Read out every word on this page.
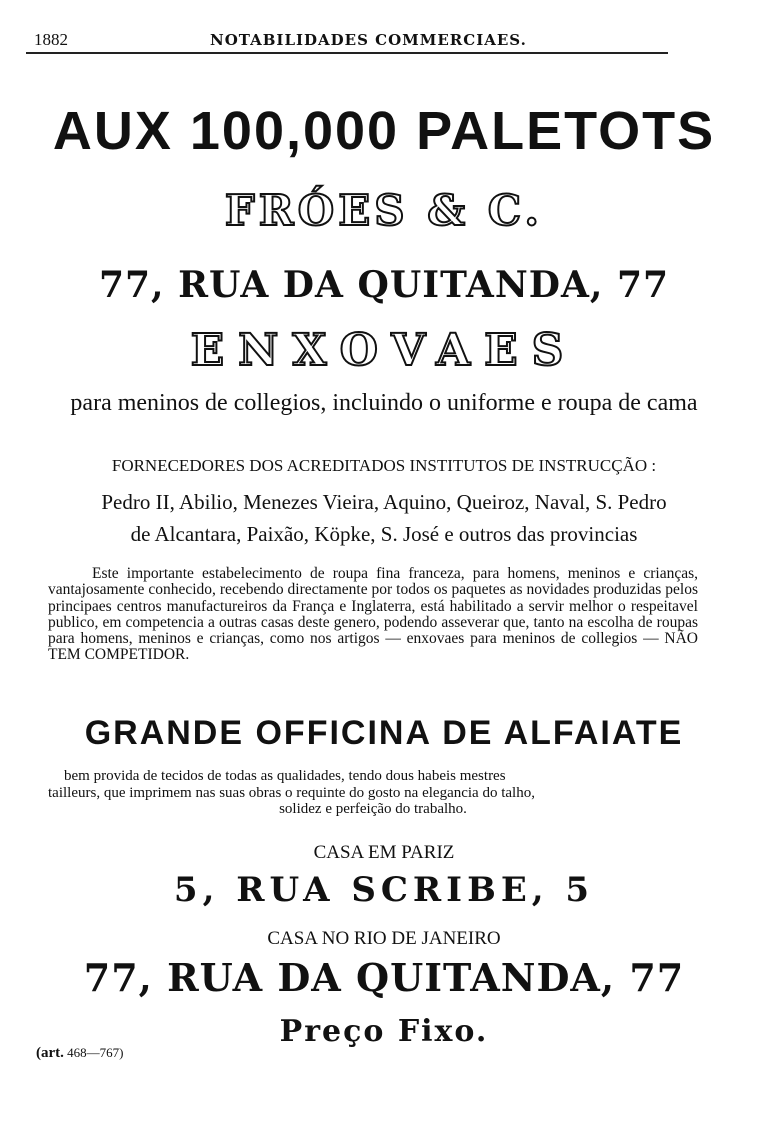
1882	NOTABILIDADES COMMERCIAES.
AUX 100,000 PALETOTS
FRÓES & C.
77, RUA DA QUITANDA, 77
ENXOVAES
para meninos de collegios, incluindo o uniforme e roupa de cama
FORNECEDORES DOS ACREDITADOS INSTITUTOS DE INSTRUCÇÃO :
Pedro II, Abilio, Menezes Vieira, Aquino, Queiroz, Naval, S. Pedro
de Alcantara, Paixão, Köpke, S. José e outros das provincias

Este importante estabelecimento de roupa fina franceza, para homens, meninos e crianças, vantajosamente conhecido, recebendo directamente por todos os paquetes as novidades produzidas pelos principaes centros manufactureiros da França e Inglaterra, está habilitado a servir melhor o respeitavel publico, em competencia a outras casas deste genero, podendo asseverar que, tanto na escolha de roupas para homens, meninos e crianças, como nos artigos — enxovaes para meninos de collegios — NÃO TEM COMPETIDOR.

GRANDE OFFICINA DE ALFAIATE
bem provida de tecidos de todas as qualidades, tendo dous habeis mestres
tailleurs, que imprimem nas suas obras o requinte do gosto na elegancia do talho,
solidez e perfeição do trabalho.
CASA EM PARIZ
5, RUA SCRIBE, 5
CASA NO RIO DE JANEIRO
77, RUA DA QUITANDA, 77
Preço Fixo.
(art. 468—767)
